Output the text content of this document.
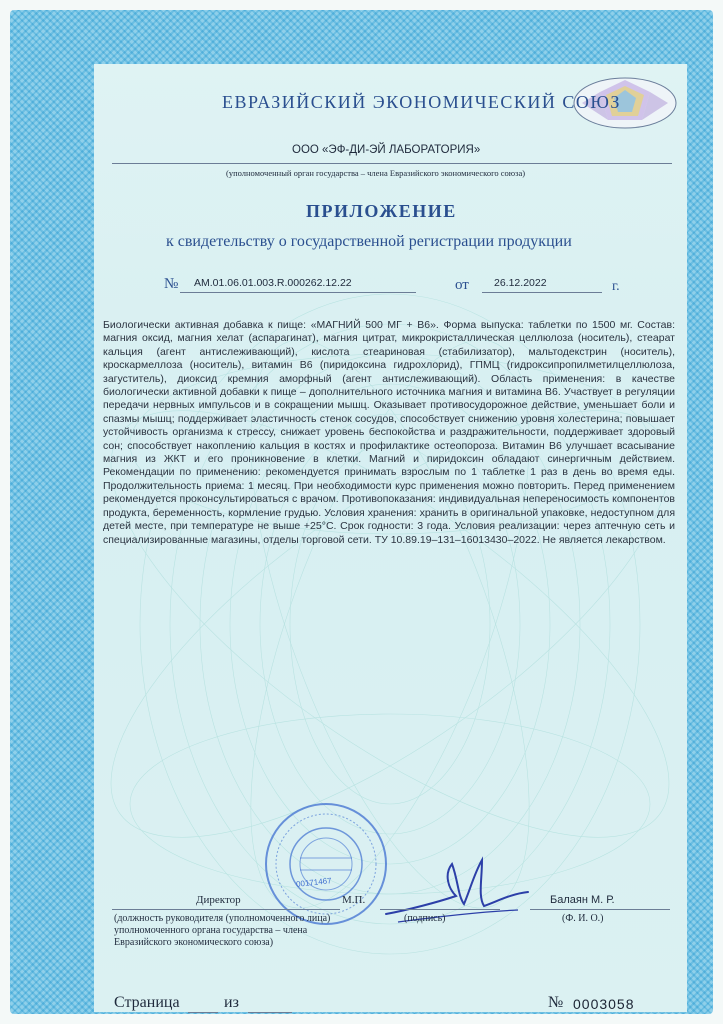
ЕВРАЗИЙСКИЙ ЭКОНОМИЧЕСКИЙ СОЮЗ
ООО «ЭФ-ДИ-ЭЙ ЛАБОРАТОРИЯ»
(уполномоченный орган государства – члена Евразийского экономического союза)
ПРИЛОЖЕНИЕ
к свидетельству о государственной регистрации продукции
№ AM.01.06.01.003.R.000262.12.22	от 26.12.2022	г.
Биологически активная добавка к пище: «МАГНИЙ 500 МГ + В6». Форма выпуска: таблетки по 1500 мг. Состав: магния оксид, магния хелат (аспарагинат), магния цитрат, микрокристаллическая целлюлоза (носитель), стеарат кальция (агент антислеживающий), кислота стеариновая (стабилизатор), мальтодекстрин (носитель), кроскармеллоза (носитель), витамин В6 (пиридоксина гидрохлорид), ГПМЦ (гидроксипропилметилцеллюлоза, загуститель), диоксид кремния аморфный (агент антислеживающий). Область применения: в качестве биологически активной добавки к пище – дополнительного источника магния и витамина В6. Участвует в регуляции передачи нервных импульсов и в сокращении мышц. Оказывает противосудорожное действие, уменьшает боли и спазмы мышц; поддерживает эластичность стенок сосудов, способствует снижению уровня холестерина; повышает устойчивость организма к стрессу, снижает уровень беспокойства и раздражительности, поддерживает здоровый сон; способствует накоплению кальция в костях и профилактике остеопороза. Витамин В6 улучшает всасывание магния из ЖКТ и его проникновение в клетки. Магний и пиридоксин обладают синергичным действием. Рекомендации по применению: рекомендуется принимать взрослым по 1 таблетке 1 раз в день во время еды. Продолжительность приема: 1 месяц. При необходимости курс применения можно повторить. Перед применением рекомендуется проконсультироваться с врачом. Противопоказания: индивидуальная непереносимость компонентов продукта, беременность, кормление грудью. Условия хранения: хранить в оригинальной упаковке, недоступном для детей месте, при температуре не выше +25°С. Срок годности: 3 года. Условия реализации: через аптечную сеть и специализированные магазины, отделы торговой сети. ТУ 10.89.19–131–16013430–2022. Не является лекарством.
00171467
Директор	М.П.	Балаян М. Р.
(должность руководителя (уполномоченного лица) уполномоченного органа государства – члена Евразийского экономического союза)
(подпись)	(Ф. И. О.)
Страница	из	№ 0003058
